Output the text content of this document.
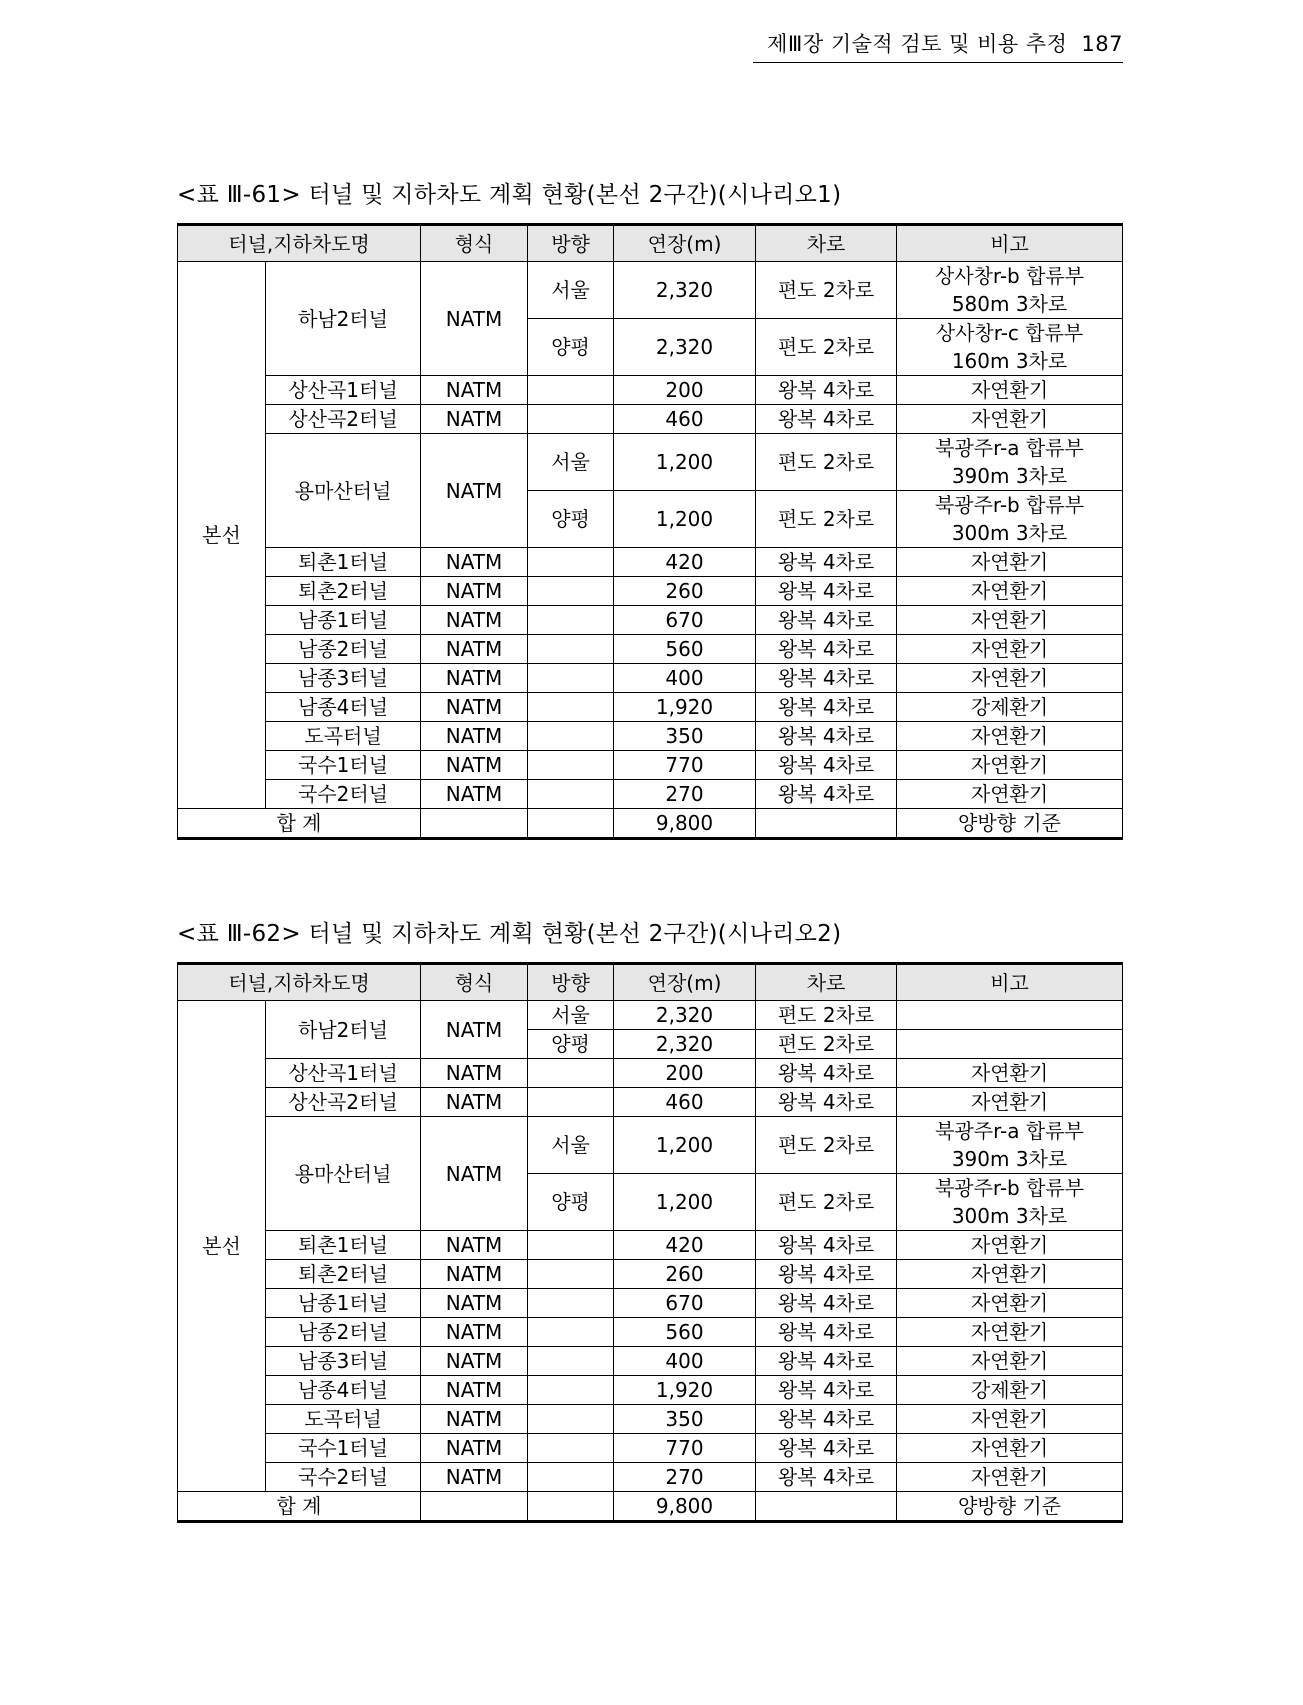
제Ⅲ장 기술적 검토 및 비용 추정 187
<표 Ⅲ-61> 터널 및 지하차도 계획 현황(본선 2구간)(시나리오1)
터널,지하차도명		형식	방향	연장(m)	차로	비고
본선	하남2터널	NATM	서울	2,320	편도 2차로	상사창r-b 합류부
580m 3차로

			양평	2,320	편도 2차로	상사창r-c 합류부
160m 3차로

	상산곡1터널	NATM		200	왕복 4차로	자연환기
	상산곡2터널	NATM		460	왕복 4차로	자연환기
	용마산터널	NATM	서울	1,200	편도 2차로	북광주r-a 합류부
390m 3차로

			양평	1,200	편도 2차로	북광주r-b 합류부
300m 3차로

	퇴촌1터널	NATM		420	왕복 4차로	자연환기
	퇴촌2터널	NATM		260	왕복 4차로	자연환기
	남종1터널	NATM		670	왕복 4차로	자연환기
	남종2터널	NATM		560	왕복 4차로	자연환기
	남종3터널	NATM		400	왕복 4차로	자연환기
	남종4터널	NATM		1,920	왕복 4차로	강제환기
	도곡터널	NATM		350	왕복 4차로	자연환기
	국수1터널	NATM		770	왕복 4차로	자연환기
	국수2터널	NATM		270	왕복 4차로	자연환기
합 계				9,800		양방향 기준
<표 Ⅲ-62> 터널 및 지하차도 계획 현황(본선 2구간)(시나리오2)
터널,지하차도명		형식	방향	연장(m)	차로	비고
본선	하남2터널	NATM	서울	2,320	편도 2차로	
			양평	2,320	편도 2차로	
	상산곡1터널	NATM		200	왕복 4차로	자연환기
	상산곡2터널	NATM		460	왕복 4차로	자연환기
	용마산터널	NATM	서울	1,200	편도 2차로	북광주r-a 합류부
390m 3차로

			양평	1,200	편도 2차로	북광주r-b 합류부
300m 3차로

	퇴촌1터널	NATM		420	왕복 4차로	자연환기
	퇴촌2터널	NATM		260	왕복 4차로	자연환기
	남종1터널	NATM		670	왕복 4차로	자연환기
	남종2터널	NATM		560	왕복 4차로	자연환기
	남종3터널	NATM		400	왕복 4차로	자연환기
	남종4터널	NATM		1,920	왕복 4차로	강제환기
	도곡터널	NATM		350	왕복 4차로	자연환기
	국수1터널	NATM		770	왕복 4차로	자연환기
	국수2터널	NATM		270	왕복 4차로	자연환기
합 계				9,800		양방향 기준
